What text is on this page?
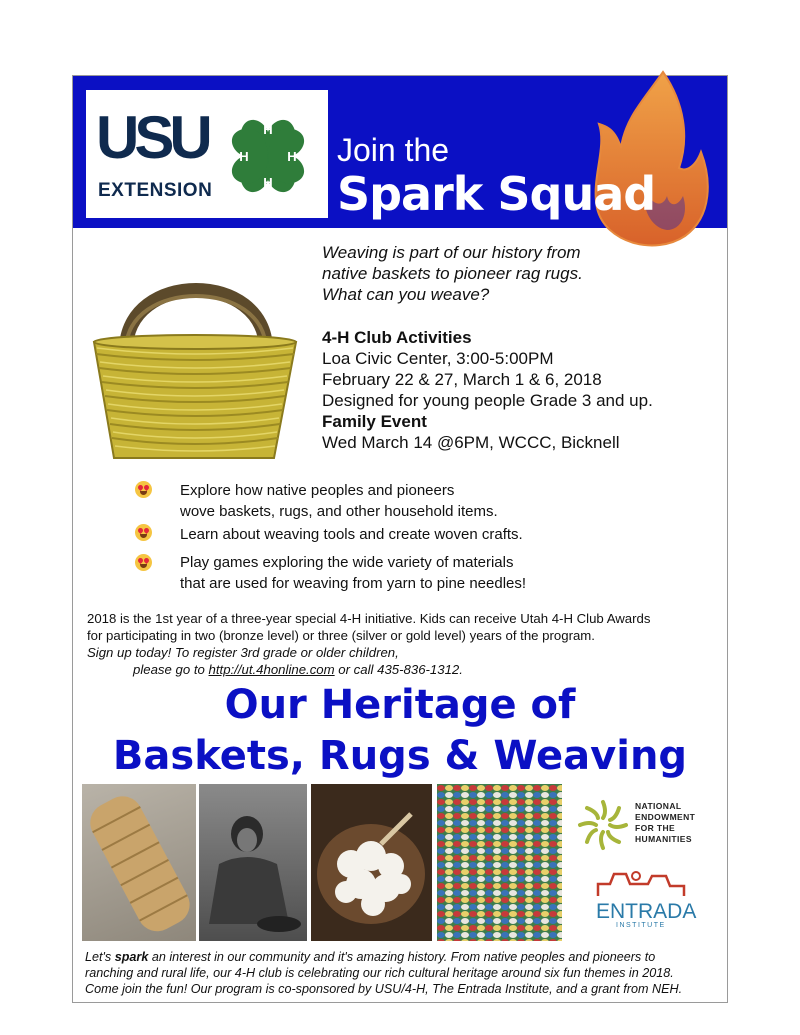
USU
EXTENSION
H
H
H	H Join the
Spark Squad
Weaving is part of our history from
native baskets to pioneer rag rugs.
What can you weave?
4-H Club Activities
Loa Civic Center, 3:00-5:00PM
February 22 & 27, March 1 & 6, 2018
Designed for young people Grade 3 and up.
Family Event
Wed March 14 @6PM, WCCC, Bicknell
Explore how native peoples and pioneers
wove baskets, rugs, and other household items.
Learn about weaving tools and create woven crafts.
Play games exploring the wide variety of materials
that are used for weaving from yarn to pine needles!
2018 is the 1st year of a three-year special 4-H initiative. Kids can receive Utah 4-H Club Awards
for participating in two (bronze level) or three (silver or gold level) years of the program.
Sign up today! To register 3rd grade or older children,
please go to http://ut.4honline.com or call 435-836-1312.
Our Heritage of
Baskets, Rugs & Weaving
NATIONAL
ENDOWMENT
FOR THE
HUMANITIES
ENTRADA
INSTITUTE
Let's spark an interest in our community and it's amazing history. From native peoples and pioneers to
ranching and rural life, our 4-H club is celebrating our rich cultural heritage around six fun themes in 2018.
Come join the fun! Our program is co-sponsored by USU/4-H, The Entrada Institute, and a grant from NEH.
